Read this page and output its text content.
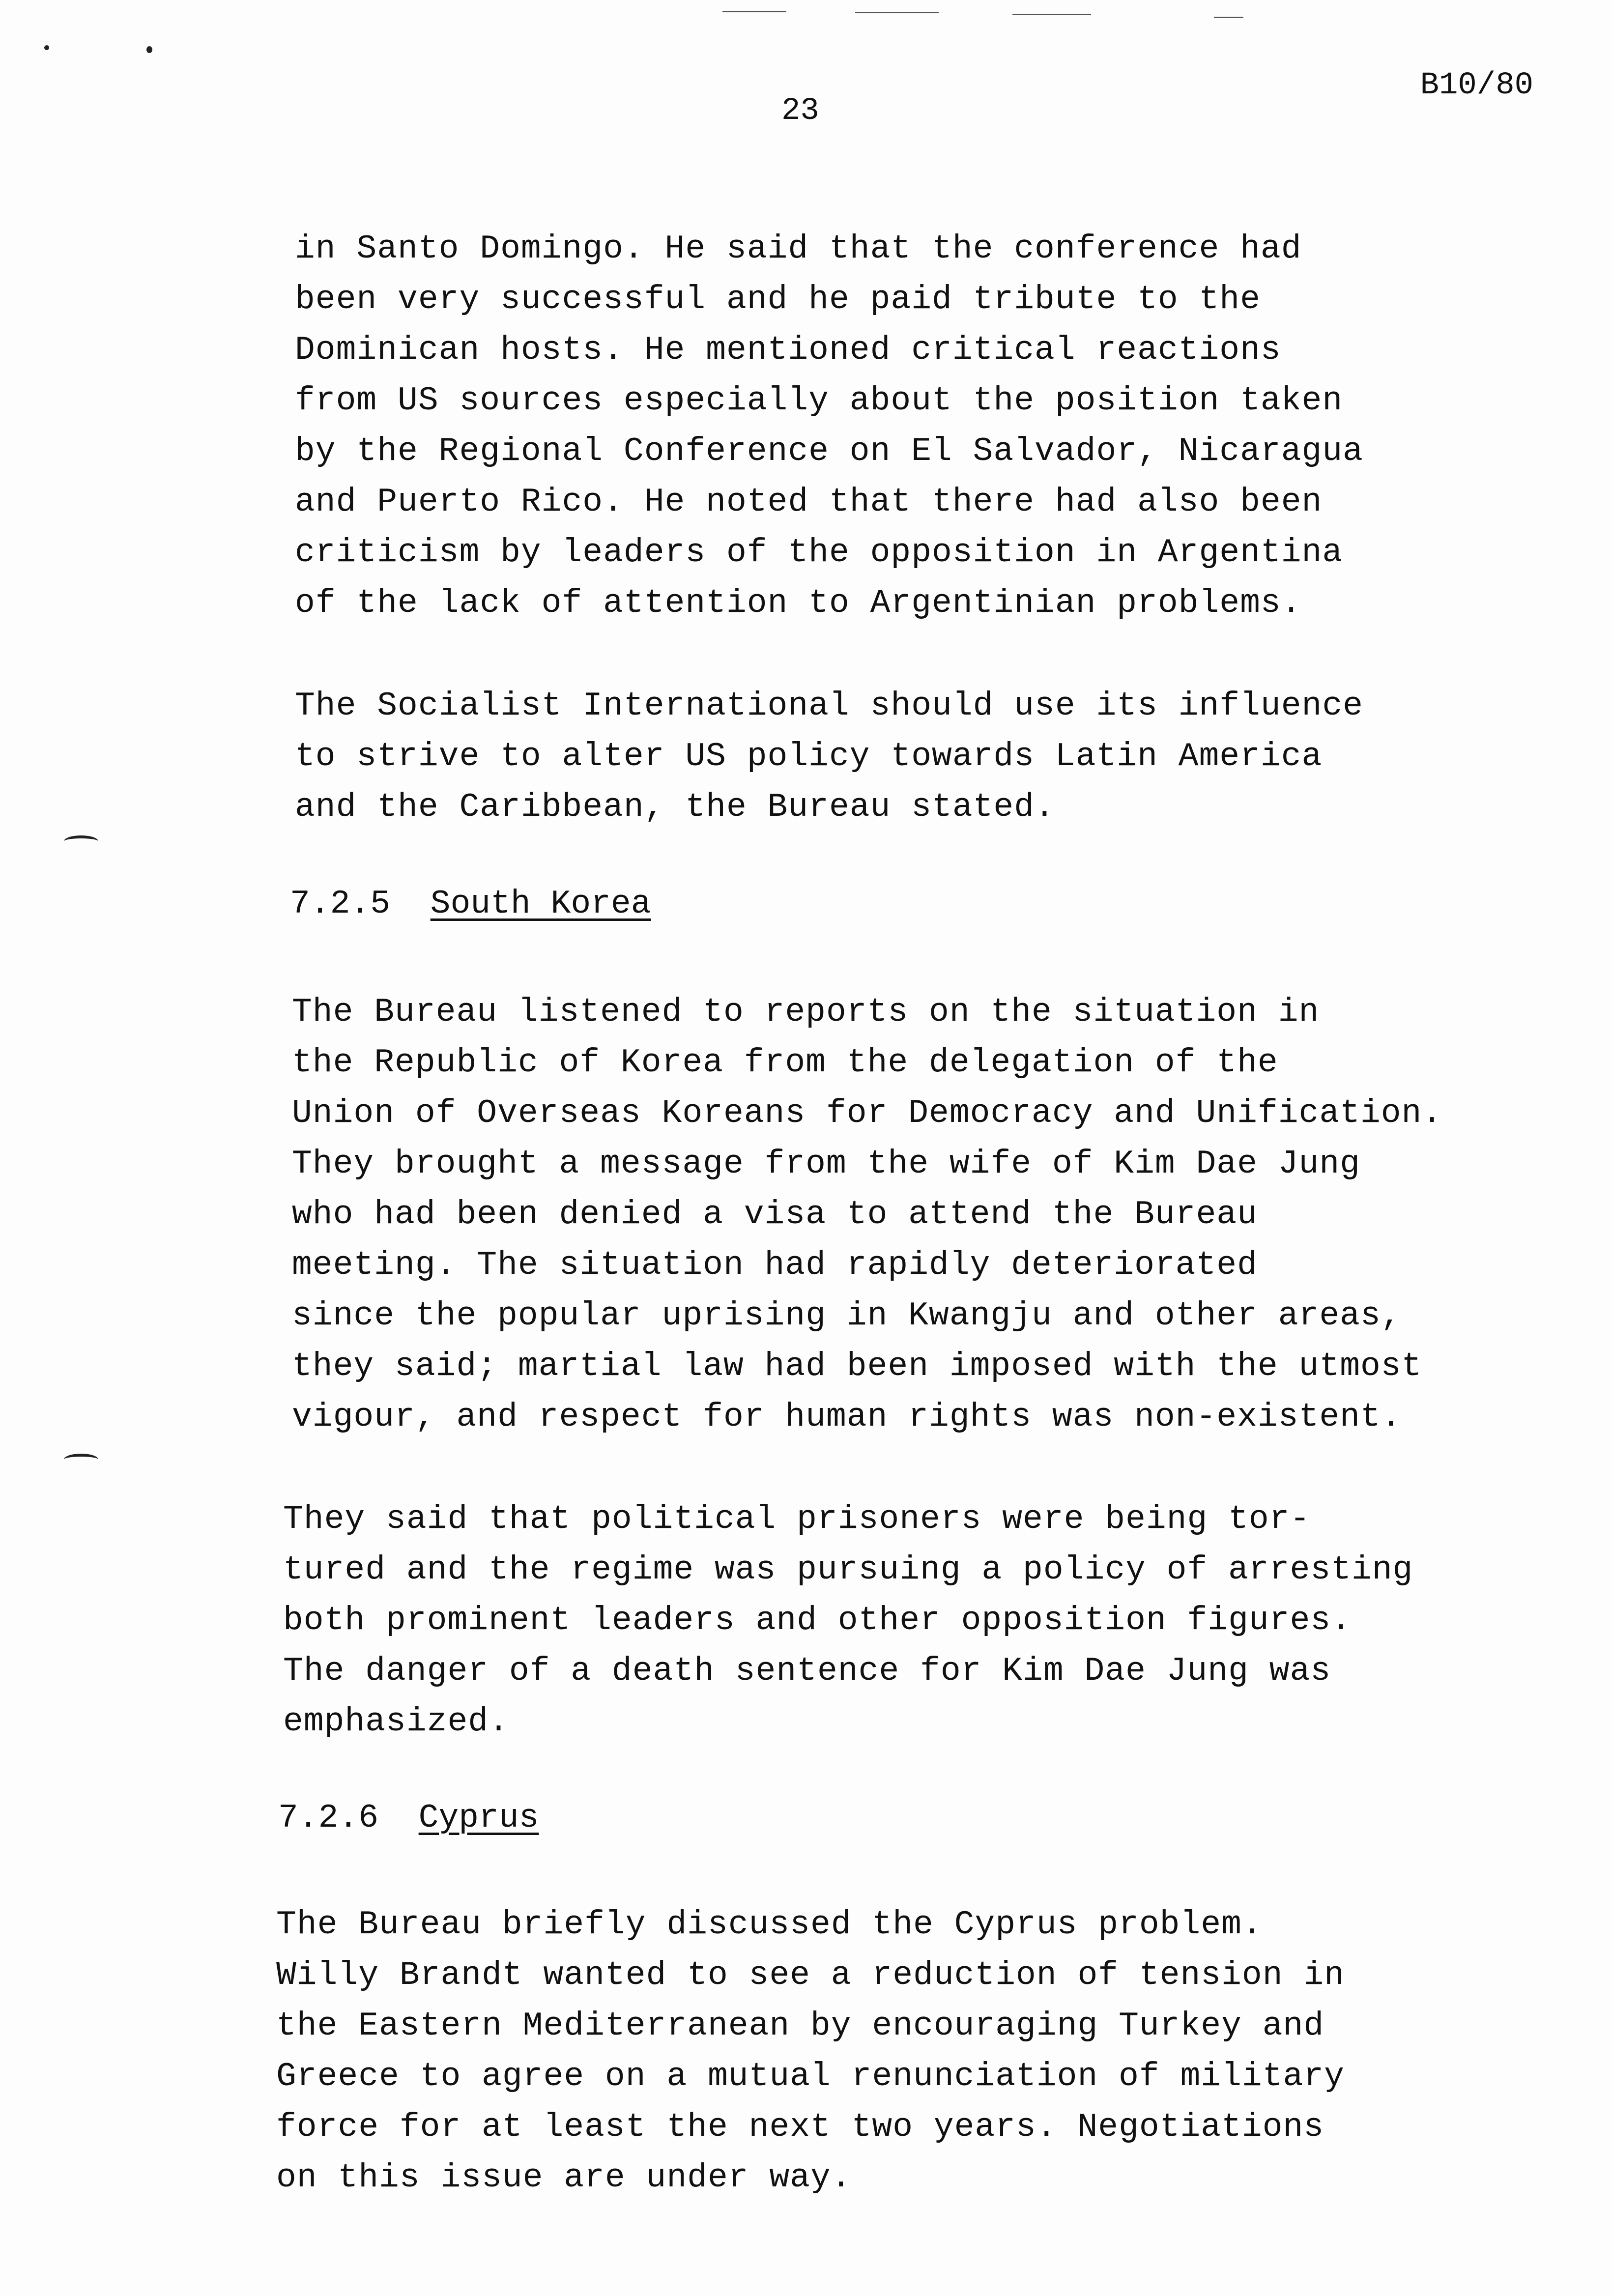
B10/80
23
in Santo Domingo. He said that the conference had
been very successful and he paid tribute to the
Dominican hosts. He mentioned critical reactions
from US sources especially about the position taken
by the Regional Conference on El Salvador, Nicaragua
and Puerto Rico. He noted that there had also been
criticism by leaders of the opposition in Argentina
of the lack of attention to Argentinian problems.
The Socialist International should use its influence
to strive to alter US policy towards Latin America
and the Caribbean, the Bureau stated.
7.2.5 South Korea
The Bureau listened to reports on the situation in
the Republic of Korea from the delegation of the
Union of Overseas Koreans for Democracy and Unification.
They brought a message from the wife of Kim Dae Jung
who had been denied a visa to attend the Bureau
meeting. The situation had rapidly deteriorated
since the popular uprising in Kwangju and other areas,
they said; martial law had been imposed with the utmost
vigour, and respect for human rights was non-existent.
They said that political prisoners were being tor-
tured and the regime was pursuing a policy of arresting
both prominent leaders and other opposition figures.
The danger of a death sentence for Kim Dae Jung was
emphasized.
7.2.6 Cyprus
The Bureau briefly discussed the Cyprus problem.
Willy Brandt wanted to see a reduction of tension in
the Eastern Mediterranean by encouraging Turkey and
Greece to agree on a mutual renunciation of military
force for at least the next two years. Negotiations
on this issue are under way.
